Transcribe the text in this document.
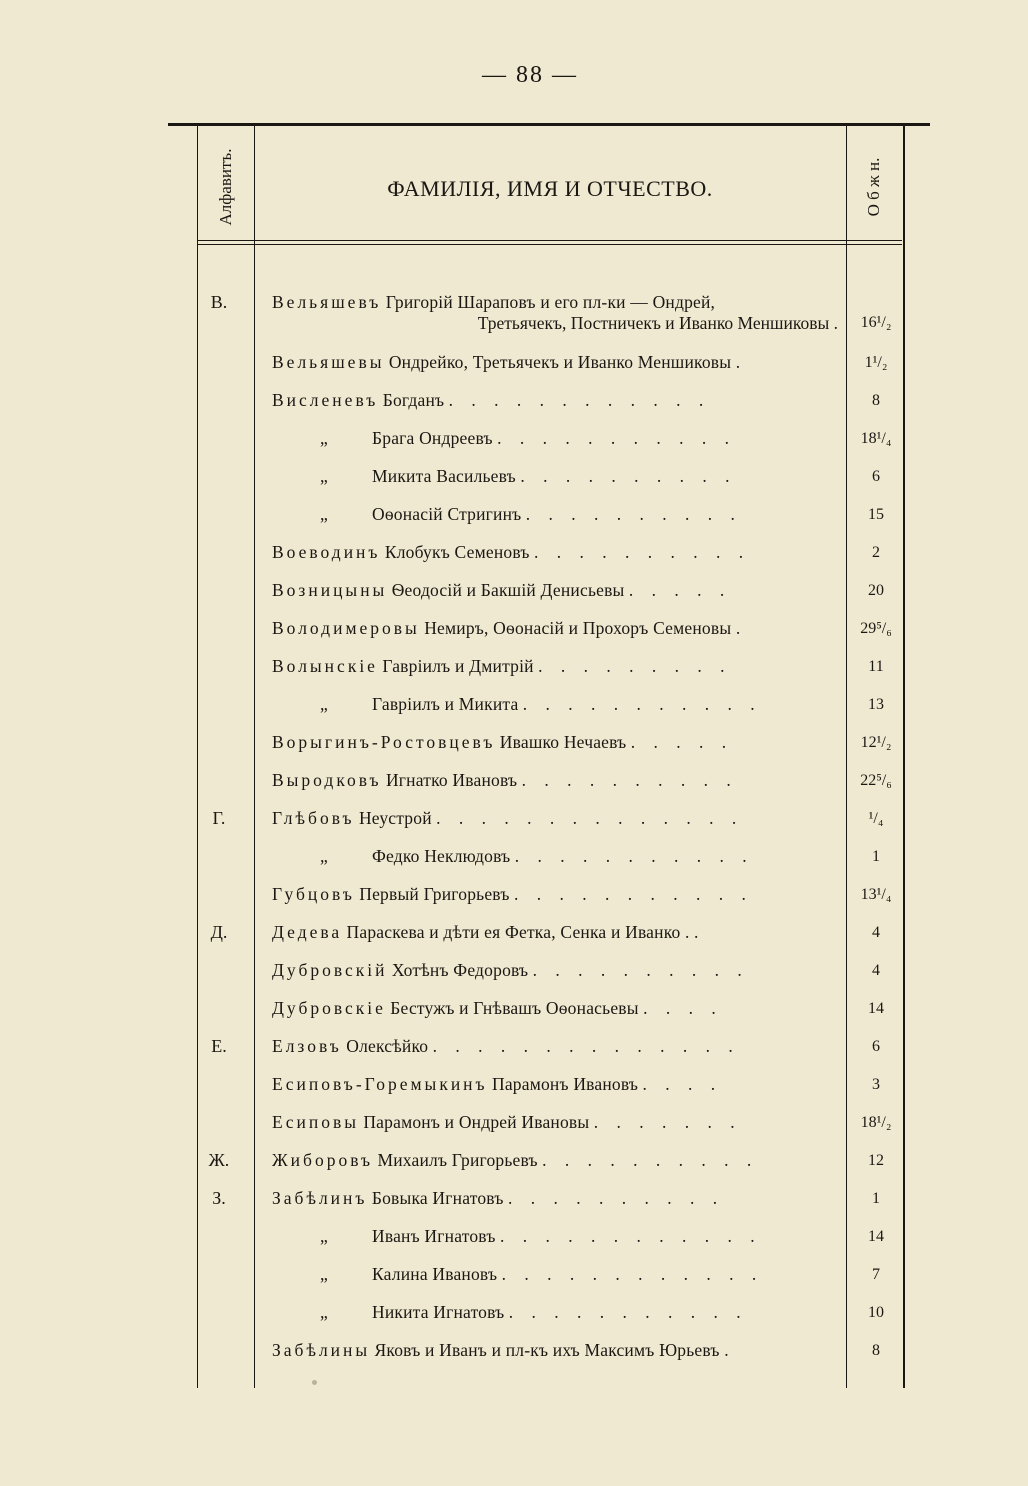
— 88 —
Алфавитъ.	ФАМИЛІЯ, ИМЯ И ОТЧЕСТВО.	О б ж н.
В.	Вельяшевъ Григорій Шараповъ и его пл-ки — Ондрей,
Третьячекъ, Постничекъ и Иванко Меншиковы .	16¹/₂
Вельяшевы Ондрейко, Третьячекъ и Иванко Меншиковы .	1¹/₂
Висленевъ Богданъ . . . . . . . . . . . .	8
„	Брага Ондреевъ . . . . . . . . . . .	18¹/₄
„	Микита Васильевъ . . . . . . . . . .	6
„	Оѳонасій Стригинъ . . . . . . . . . .	15
Воеводинъ Клобукъ Семеновъ . . . . . . . . . .	2
Возницыны Ѳеодосій и Бакшій Денисьевы . . . . .	20
Володимеровы Немиръ, Оѳонасій и Прохоръ Семеновы .	29⁵/₆
Волынскіе Гавріилъ и Дмитрій . . . . . . . . .	11
„	Гавріилъ и Микита . . . . . . . . . . .	13
Ворыгинъ-Ростовцевъ Ивашко Нечаевъ . . . . .	12¹/₂
Выродковъ Игнатко Ивановъ . . . . . . . . . .	22⁵/₆
Г.	Глѣбовъ Неустрой . . . . . . . . . . . . . .	¹/₄
„	Федко Неклюдовъ . . . . . . . . . . .	1
Губцовъ Первый Григорьевъ . . . . . . . . . . .	13¹/₄
Д.	Дедева Параскева и дѣти ея Фетка, Сенка и Иванко . .	4
Дубровскій Хотѣнъ Федоровъ . . . . . . . . . .	4
Дубровскіе Бестужъ и Гнѣвашъ Оѳонасьевы . . . .	14
Е.	Елзовъ Олексѣйко . . . . . . . . . . . . . .	6
Есиповъ-Горемыкинъ Парамонъ Ивановъ . . . .	3
Есиповы Парамонъ и Ондрей Ивановы . . . . . . .	18¹/₂
Ж. Жиборовъ Михаилъ Григорьевъ . . . . . . . . . .	12
З.	Забѣлинъ Бовыка Игнатовъ . . . . . . . . . .	1
„	Иванъ Игнатовъ . . . . . . . . . . . .	14
„	Калина Ивановъ . . . . . . . . . . . .	7
„	Никита Игнатовъ . . . . . . . . . . .	10
Забѣлины Яковъ и Иванъ и пл-къ ихъ Максимъ Юрьевъ .	8
